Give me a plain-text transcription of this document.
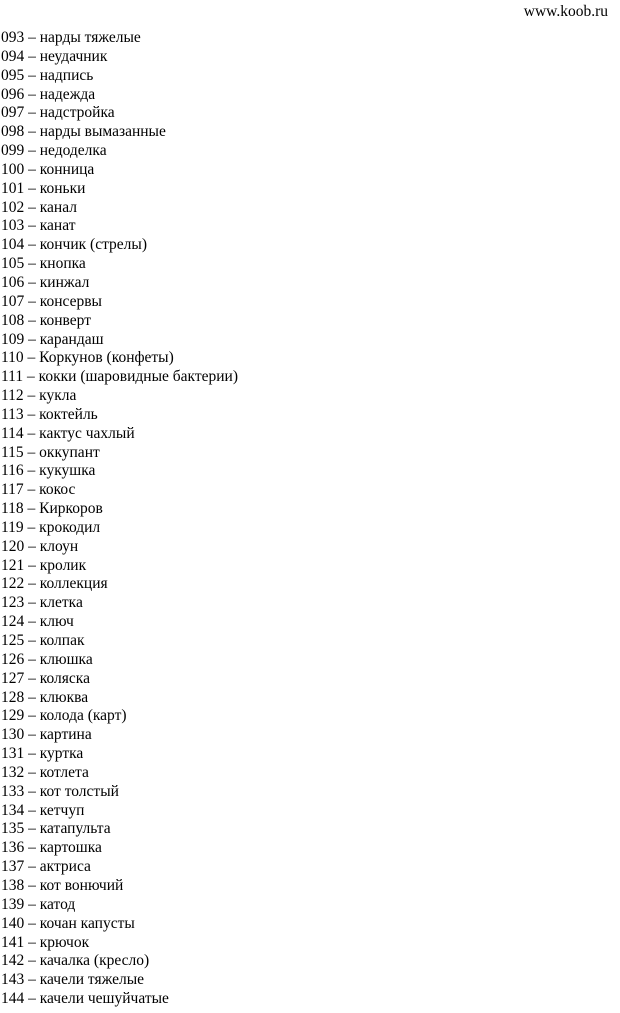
www.koob.ru
093 – нарды тяжелые
094 – неудачник
095 – надпись
096 – надежда
097 – надстройка
098 – нарды вымазанные
099 – недоделка
100 – конница
101 – коньки
102 – канал
103 – канат
104 – кончик (стрелы)
105 – кнопка
106 – кинжал
107 – консервы
108 – конверт
109 – карандаш
110 – Коркунов (конфеты)
111 – кокки (шаровидные бактерии)
112 – кукла
113 – коктейль
114 – кактус чахлый
115 – оккупант
116 – кукушка
117 – кокос
118 – Киркоров
119 – крокодил
120 – клоун
121 – кролик
122 – коллекция
123 – клетка
124 – ключ
125 – колпак
126 – клюшка
127 – коляска
128 – клюква
129 – колода (карт)
130 – картина
131 – куртка
132 – котлета
133 – кот толстый
134 – кетчуп
135 – катапульта
136 – картошка
137 – актриса
138 – кот вонючий
139 – катод
140 – кочан капусты
141 – крючок
142 – качалка (кресло)
143 – качели тяжелые
144 – качели чешуйчатые
